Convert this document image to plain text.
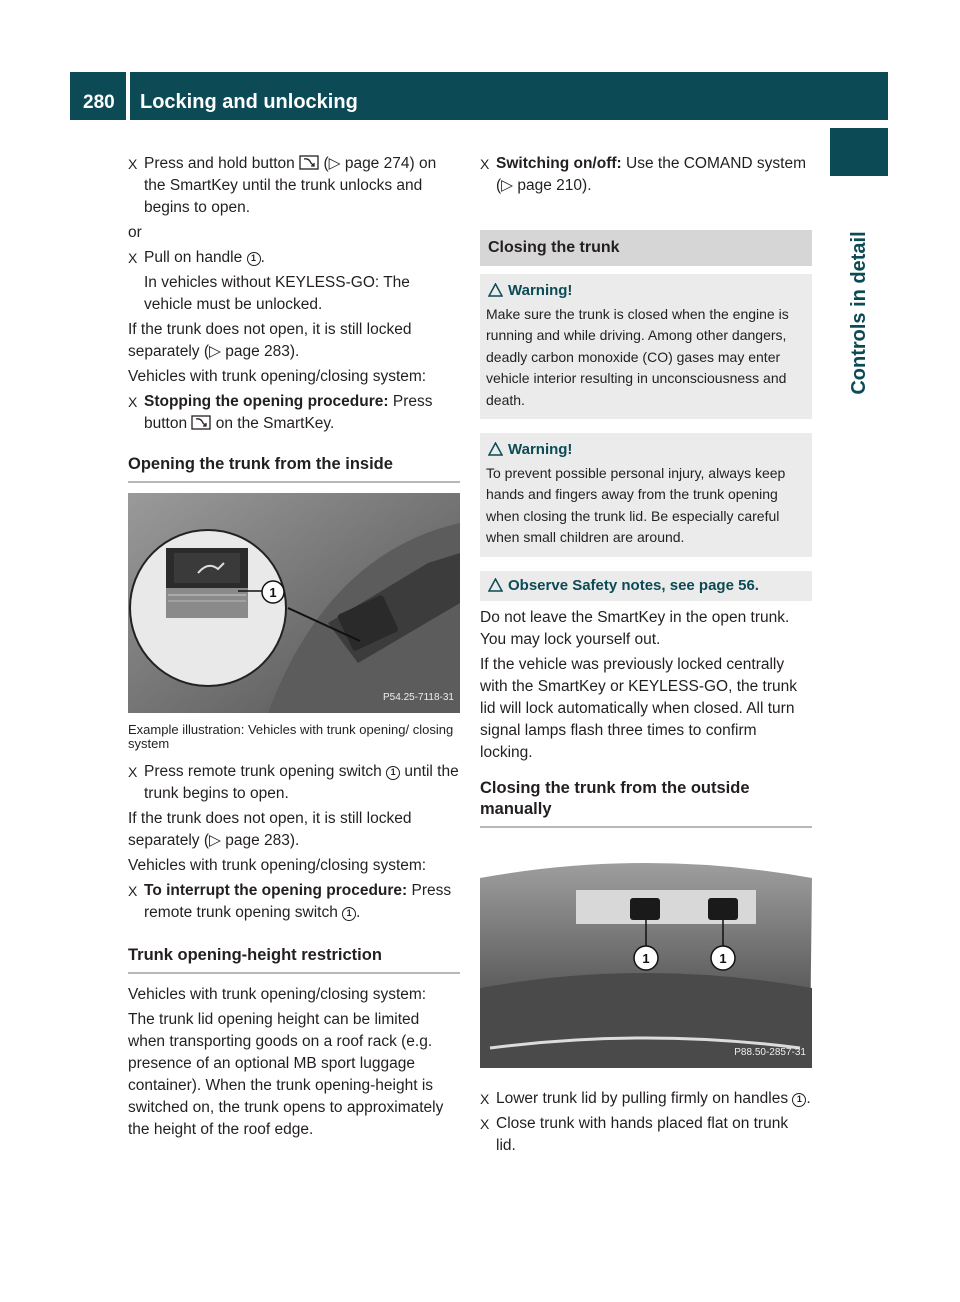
280	Locking and unlocking
Controls in detail
X Press and hold button (▷ page 274) on the SmartKey until the trunk unlocks and begins to open.
or
X Pull on handle 1 .
In vehicles without KEYLESS-GO: The vehicle must be unlocked.
If the trunk does not open, it is still locked separately (▷ page 283).
Vehicles with trunk opening/closing system:
X Stopping the opening procedure: Press button on the SmartKey.
Opening the trunk from the inside
1
P54.25-7118-31
Example illustration: Vehicles with trunk opening/ closing system
X Press remote trunk opening switch 1 until the trunk begins to open.
If the trunk does not open, it is still locked separately (▷ page 283).
Vehicles with trunk opening/closing system:
X To interrupt the opening procedure: Press remote trunk opening switch 1 .
Trunk opening-height restriction
Vehicles with trunk opening/closing system:
The trunk lid opening height can be limited when transporting goods on a roof rack (e.g. presence of an optional MB sport luggage container). When the trunk opening-height is switched on, the trunk opens to approximately the height of the roof edge.
X Switching on/off: Use the COMAND system (▷ page 210).
Closing the trunk
Warning!
Make sure the trunk is closed when the engine is running and while driving. Among other dangers, deadly carbon monoxide (CO) gases may enter vehicle interior resulting in unconsciousness and death.
Warning!
To prevent possible personal injury, always keep hands and fingers away from the trunk opening when closing the trunk lid. Be especially careful when small children are around.
Observe Safety notes, see page 56.
Do not leave the SmartKey in the open trunk. You may lock yourself out.
If the vehicle was previously locked centrally with the SmartKey or KEYLESS-GO, the trunk lid will lock automatically when closed. All turn signal lamps flash three times to confirm locking.
Closing the trunk from the outside manually
1	1
P88.50-2857-31
X Lower trunk lid by pulling firmly on handles 1 .
X Close trunk with hands placed flat on trunk lid.
